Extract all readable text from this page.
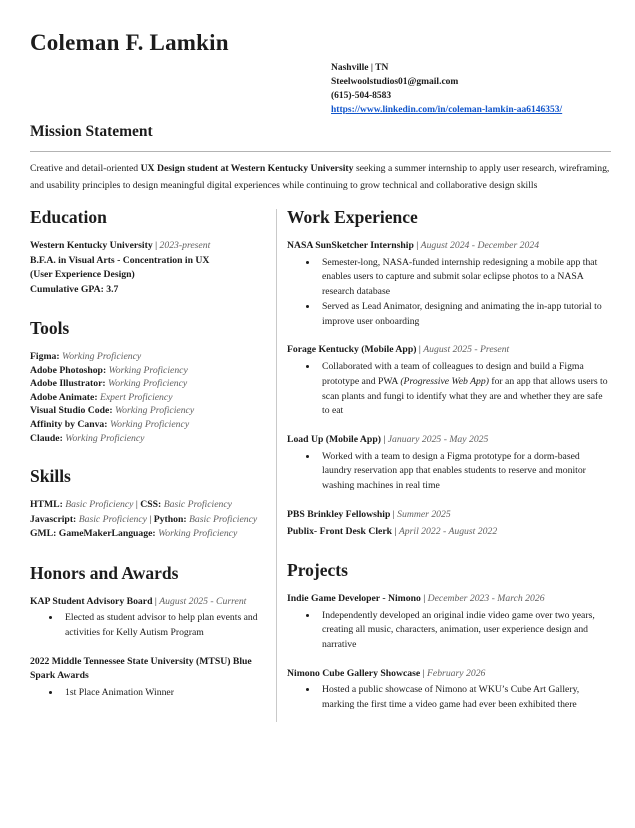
Coleman F. Lamkin
Nashville | TN
Steelwoolstudios01@gmail.com
(615)-504-8583
https://www.linkedin.com/in/coleman-lamkin-aa6146353/
Mission Statement

Creative and detail-oriented UX Design student at Western Kentucky University seeking a summer internship to apply user research, wireframing, and usability principles to design meaningful digital experiences while continuing to grow technical and collaborative design skills

Education
Western Kentucky University | 2023-present
B.F.A. in Visual Arts - Concentration in UX
(User Experience Design)
Cumulative GPA: 3.7
Tools
Figma: Working Proficiency
Adobe Photoshop: Working Proficiency
Adobe Illustrator: Working Proficiency
Adobe Animate: Expert Proficiency
Visual Studio Code: Working Proficiency
Affinity by Canva: Working Proficiency
Claude: Working Proficiency
Skills
HTML: Basic Proficiency | CSS: Basic Proficiency
Javascript: Basic Proficiency | Python: Basic Proficiency
GML: GameMakerLanguage: Working Proficiency
Honors and Awards
KAP Student Advisory Board | August 2025 - Current
• Elected as student advisor to help plan events and activities for Kelly Autism Program
2022 Middle Tennessee State University (MTSU) Blue Spark Awards
• 1st Place Animation Winner
Work Experience
NASA SunSketcher Internship | August 2024 - December 2024
• Semester-long, NASA-funded internship redesigning a mobile app that enables users to capture and submit solar eclipse photos to a NASA research database
• Served as Lead Animator, designing and animating the in-app tutorial to improve user onboarding
Forage Kentucky (Mobile App) | August 2025 - Present
• Collaborated with a team of colleagues to design and build a Figma prototype and PWA (Progressive Web App) for an app that allows users to scan plants and fungi to identify what they are and whether they are safe to eat
Load Up (Mobile App) | January 2025 - May 2025
• Worked with a team to design a Figma prototype for a dorm-based laundry reservation app that enables students to reserve and monitor washing machines in real time
PBS Brinkley Fellowship | Summer 2025
Publix- Front Desk Clerk | April 2022 - August 2022
Projects
Indie Game Developer - Nimono | December 2023 - March 2026
• Independently developed an original indie video game over two years, creating all music, characters, animation, user experience design and narrative
Nimono Cube Gallery Showcase | February 2026
• Hosted a public showcase of Nimono at WKU’s Cube Art Gallery, marking the first time a video game had ever been exhibited there
